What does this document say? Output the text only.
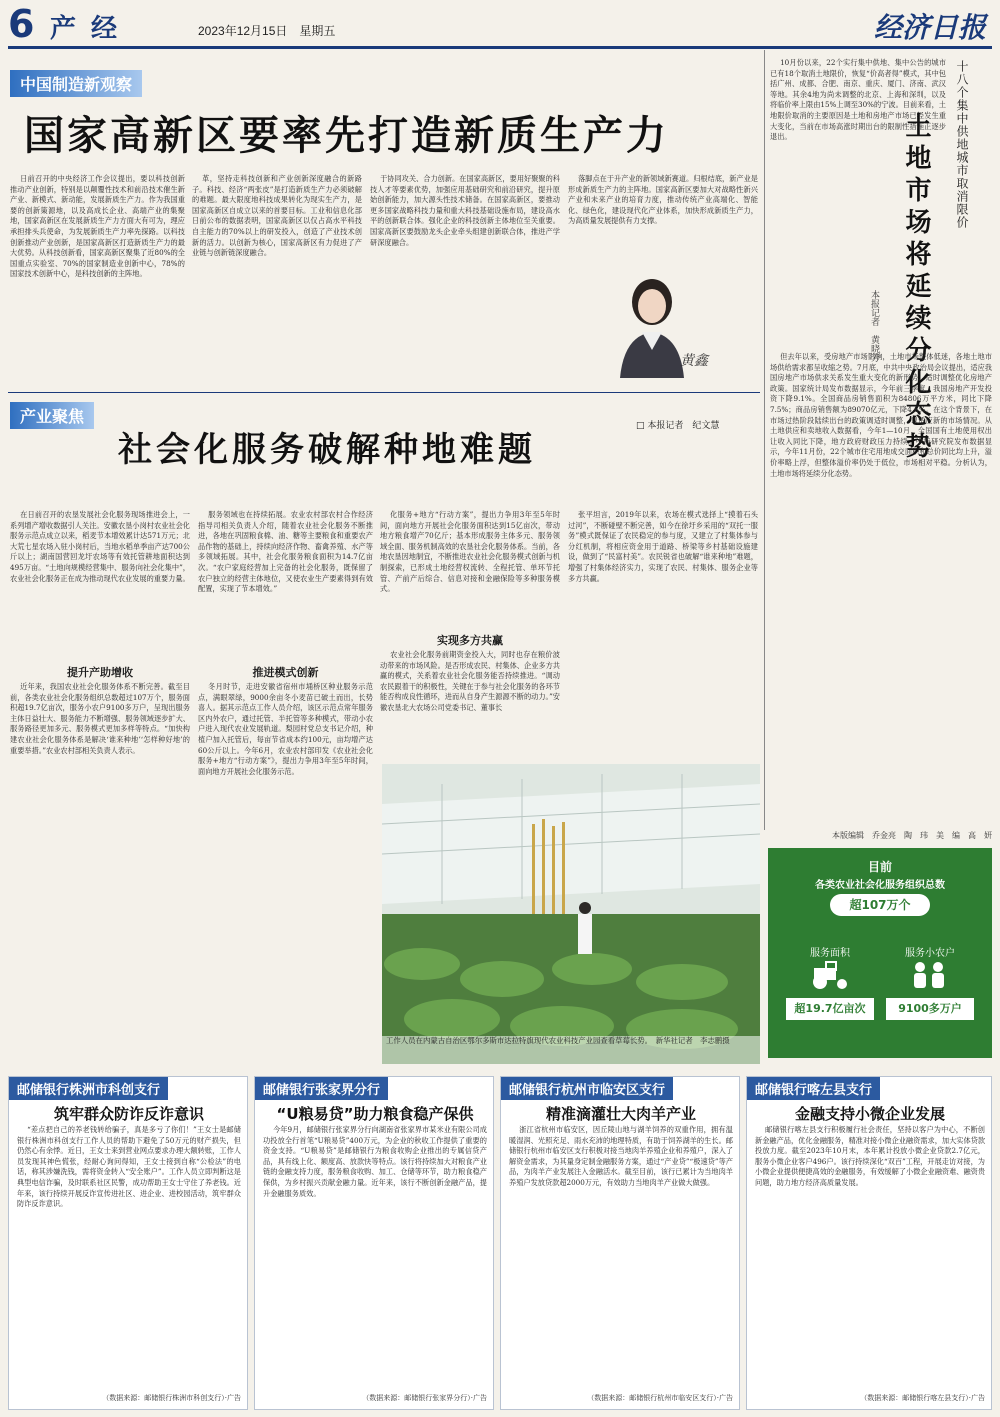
6 产 经	2023年12月15日　星期五	经济日报
中国制造新观察
国家高新区要率先打造新质生产力

日前召开的中央经济工作会议提出，要以科技创新推动产业创新，特别是以颠覆性技术和前沿技术催生新产业、新模式、新动能，发展新质生产力。作为我国重要的创新策源地，以及高成长企业、高端产业的集聚地，国家高新区在发展新质生产力方面大有可为，理应承担排头兵使命，为发展新质生产力率先探路。以科技创新推动产业创新，是国家高新区打造新质生产力的最大优势。从科技创新看，国家高新区聚集了近80%的全国重点实验室、70%的国家制造业创新中心，78%的国家技术创新中心，是科技创新的主阵地。

革，坚持走科技创新和产业创新深度融合的新路子。科技、经济“两张皮”是打造新质生产力必须破解的难题。最大限度地科技成果转化为现实生产力，是国家高新区自成立以来的首要目标。工业和信息化部日前公布的数据表明，国家高新区以仅占高水平科技自主能力的70%以上的研发投入，创造了产业技术创新的活力。以创新为核心，国家高新区有力促进了产业链与创新链深度融合。

于协同攻关、合力创新。在国家高新区，要用好聚聚的科技人才等要素优势，加强应用基础研究和前沿研究，提升原始创新能力，加大源头性技术储备。在国家高新区，要推动更多国家战略科技力量和重大科技基础设施布局，建设高水平的创新联合体。强化企业的科技创新主体地位至关重要。国家高新区要鼓励龙头企业牵头组建创新联合体，推进产学研深度融合。

落脚点在于升产业的新领域新赛道。归根结底，新产业是形成新质生产力的主阵地。国家高新区要加大对战略性新兴产业和未来产业的培育力度，推动传统产业高端化、智能化、绿色化，建设现代化产业体系，加快形成新质生产力，为高质量发展提供有力支撑。

黄鑫
产业聚焦	□ 本报记者　纪文慧
社会化服务破解种地难题

在日前召开的农垦发展社会化服务现场推进会上，一系列增产增收数据引人关注。安徽农垦小岗村农业社会化服务示范点成立以来，稻麦节本增效累计达571万元；北大荒七星农场入驻小岗村后，当地水稻单季亩产达700公斤以上；湖南国营回龙圩农场等有效托管耕地面积达到495万亩。“土地向规模经营集中、服务向社会化集中”，农业社会化服务正在成为推动现代农业发展的重要力量。

提升产助增收

近年来，我国农业社会化服务体系不断完善。截至目前，各类农业社会化服务组织总数超过107万个，服务面积超19.7亿亩次，服务小农户9100多万户，呈现出服务主体日益壮大、服务能力不断增强、服务领域逐步扩大、服务路径更加多元、服务模式更加多样等特点。“加快构建农业社会化服务体系是解决‘谁来种地’‘怎样种好地’的重要举措。”农业农村部相关负责人表示。

服务领域也在持续拓展。农业农村部农村合作经济指导司相关负责人介绍，随着农业社会化服务不断推进，各地在巩固粮食棉、油、糖等主要粮食和重要农产品作物的基础上，持续向经济作物、畜禽养殖、水产等多领域拓展。其中，社会化服务粮食面积为14.7亿亩次。“农户家庭经营加上完备的社会化服务，既保留了农户独立的经营主体地位，又使农业生产要素得到有效配置，实现了节本增效。”

推进模式创新

冬月时节，走进安徽省宿州市埇桥区种业服务示范点，满眼翠绿，9000余亩冬小麦苗已破土而出，长势喜人。据其示范点工作人员介绍，该区示范点常年服务区内外农户，通过托管、半托管等多种模式，带动小农户进入现代农业发展轨道。梨园村党总支书记介绍，种植户加入托管后，每亩节省成本约100元，亩均增产达60公斤以上。今年6月，农业农村部印发《农业社会化服务+地方“行动方案”》，提出力争用3年至5年时间，面向地方开展社会化服务示范。

化服务+地方“行动方案”，提出力争用3年至5年时间，面向地方开展社会化服务面积达到15亿亩次，带动地方粮食增产70亿斤；基本形成服务主体多元、服务领域全面、服务机制高效的农垦社会化服务体系。当前，各地农垦因地制宜，不断推进农业社会化服务模式创新与机制探索，已形成土地经营权流转、全程托管、单环节托管、产前产后综合、信息对接和金融保险等多种服务模式。

实现多方共赢

农业社会化服务前期资金投入大，同时也存在粮价波动带来的市场风险。是否形成农民、村集体、企业多方共赢的模式，关系着农业社会化服务能否持续推进。“调动农民跟着干的积极性，关键在于参与社会化服务的各环节能否构成良性循环，进而从自身产生源源不断的动力。”安徽农垦北大农场公司党委书记、董事长

张平坦言，2019年以来，农场在模式选择上“摸着石头过河”，不断碰壁不断完善，如今在徐圩乡采用的“双托一服务”模式既保证了农民稳定的参与度，又建立了村集体参与分红机制，将相应资金用于道路、桥梁等乡村基础设施建设，做到了“民富村美”。农民锐省也破解“谁来种地”难题，增强了村集体经济实力，实现了农民、村集体、服务企业等多方共赢。

工作人员在内蒙古自治区鄂尔多斯市达拉特旗现代农业科技产业园查看草莓长势。　新华社记者　李志鹏摄
目前
各类农业社会化服务组织总数
超107万个
服务面积	服务小农户
超19.7亿亩次	9100多万户

10月份以来，22个实行集中供地、集中公告的城市已有18个取消土地限价，恢复“价高者得”模式，其中包括广州、成都、合肥、南京、重庆、厦门、济南、武汉等地。其余4地为尚未调整的北京、上海和深圳，以及将临价率上限由15%上调至30%的宁波。目前来看，土地限价取消的主要原因是土地和房地产市场已经发生重大变化，当前在市场高涨时期出台的限制性措施正逐步退出。	十八个集中供地城市取消限价
土地市场将延续分化态势
本报记者　黄晓芳

但去年以来，受房地产市场影响，土地市场整体低迷，各地土地市场供给需求都呈收缩之势。7月底，中共中央政治局会议提出，适应我国房地产市场供求关系发生重大变化的新形势，适时调整优化房地产政策。国家统计局发布数据显示，今年前三季度，我国房地产开发投资下降9.1%。全国商品房销售面积为84806万平方米，同比下降7.5%；商品房销售额为89070亿元，下降4.6%。在这个背景下，在市场过热阶段陆续出台的政策调适时调整，以适应新的市场情况。从土地供应和卖地收入数据看，今年1—10月，全国国有土地使用权出让收入同比下降，地方政府财政压力持续。中指研究院发布数据显示，今年11月份，22个城市住宅用地成交面积和总价同比均上升，溢价率略上浮，但整体溢价率仍处于低位，市场相对平稳。分析认为，土地市场将延续分化态势。

本版编辑　乔金亮　陶　玮　美　编　高　妍
邮储银行株洲市科创支行
筑牢群众防诈反诈意识

“差点把自己的养老钱转给骗子，真是多亏了你们！”王女士是邮储银行株洲市科创支行工作人员的帮助下避免了50万元的财产损失，但仍然心有余悸。近日，王女士来到营业网点要求办理大额转账，工作人员发现其神色慌张，经耐心询问得知，王女士接到自称“公检法”的电话，称其涉嫌洗钱，需将资金转入“安全账户”。工作人员立即判断这是典型电信诈骗，及时联系社区民警，成功帮助王女士守住了养老钱。近年来，该行持续开展反诈宣传进社区、进企业、进校园活动，筑牢群众防诈反诈意识。

（数据来源：邮储银行株洲市科创支行）·广告
邮储银行张家界分行
“U粮易贷”助力粮食稳产保供

今年9月，邮储银行张家界分行向湖南省张家界市某米业有限公司成功投放全行首笔“U粮易贷”400万元，为企业的秋收工作提供了重要的资金支持。“U粮易贷”是邮储银行为粮食收购企业推出的专属信贷产品，具有线上化、额度高、放款快等特点。该行将持续加大对粮食产业链的金融支持力度，服务粮食收购、加工、仓储等环节，助力粮食稳产保供，为乡村振兴贡献金融力量。近年来，该行不断创新金融产品，提升金融服务质效。

（数据来源：邮储银行张家界分行）·广告
邮储银行杭州市临安区支行
精准滴灌壮大肉羊产业

浙江省杭州市临安区，因丘陵山地与湖羊饲养的双重作用，拥有温暖湿润、光照充足、雨水充沛的地理特质，有助于饲养湖羊的生长。邮储银行杭州市临安区支行积极对接当地肉羊养殖企业和养殖户，深入了解资金需求，为其量身定制金融服务方案，通过“产业贷”“极速贷”等产品，为肉羊产业发展注入金融活水。截至目前，该行已累计为当地肉羊养殖户发放贷款超2000万元，有效助力当地肉羊产业做大做强。

（数据来源：邮储银行杭州市临安区支行）·广告
邮储银行喀左县支行
金融支持小微企业发展

邮储银行喀左县支行积极履行社会责任，坚持以客户为中心，不断创新金融产品，优化金融服务，精准对接小微企业融资需求，加大实体贷款投放力度。截至2023年10月末，本年累计投放小微企业贷款2.7亿元，服务小微企业客户496户。该行持续深化“双百”工程，开展走访对接，为小微企业提供便捷高效的金融服务，有效缓解了小微企业融资难、融资贵问题，助力地方经济高质量发展。

（数据来源：邮储银行喀左县支行）·广告
